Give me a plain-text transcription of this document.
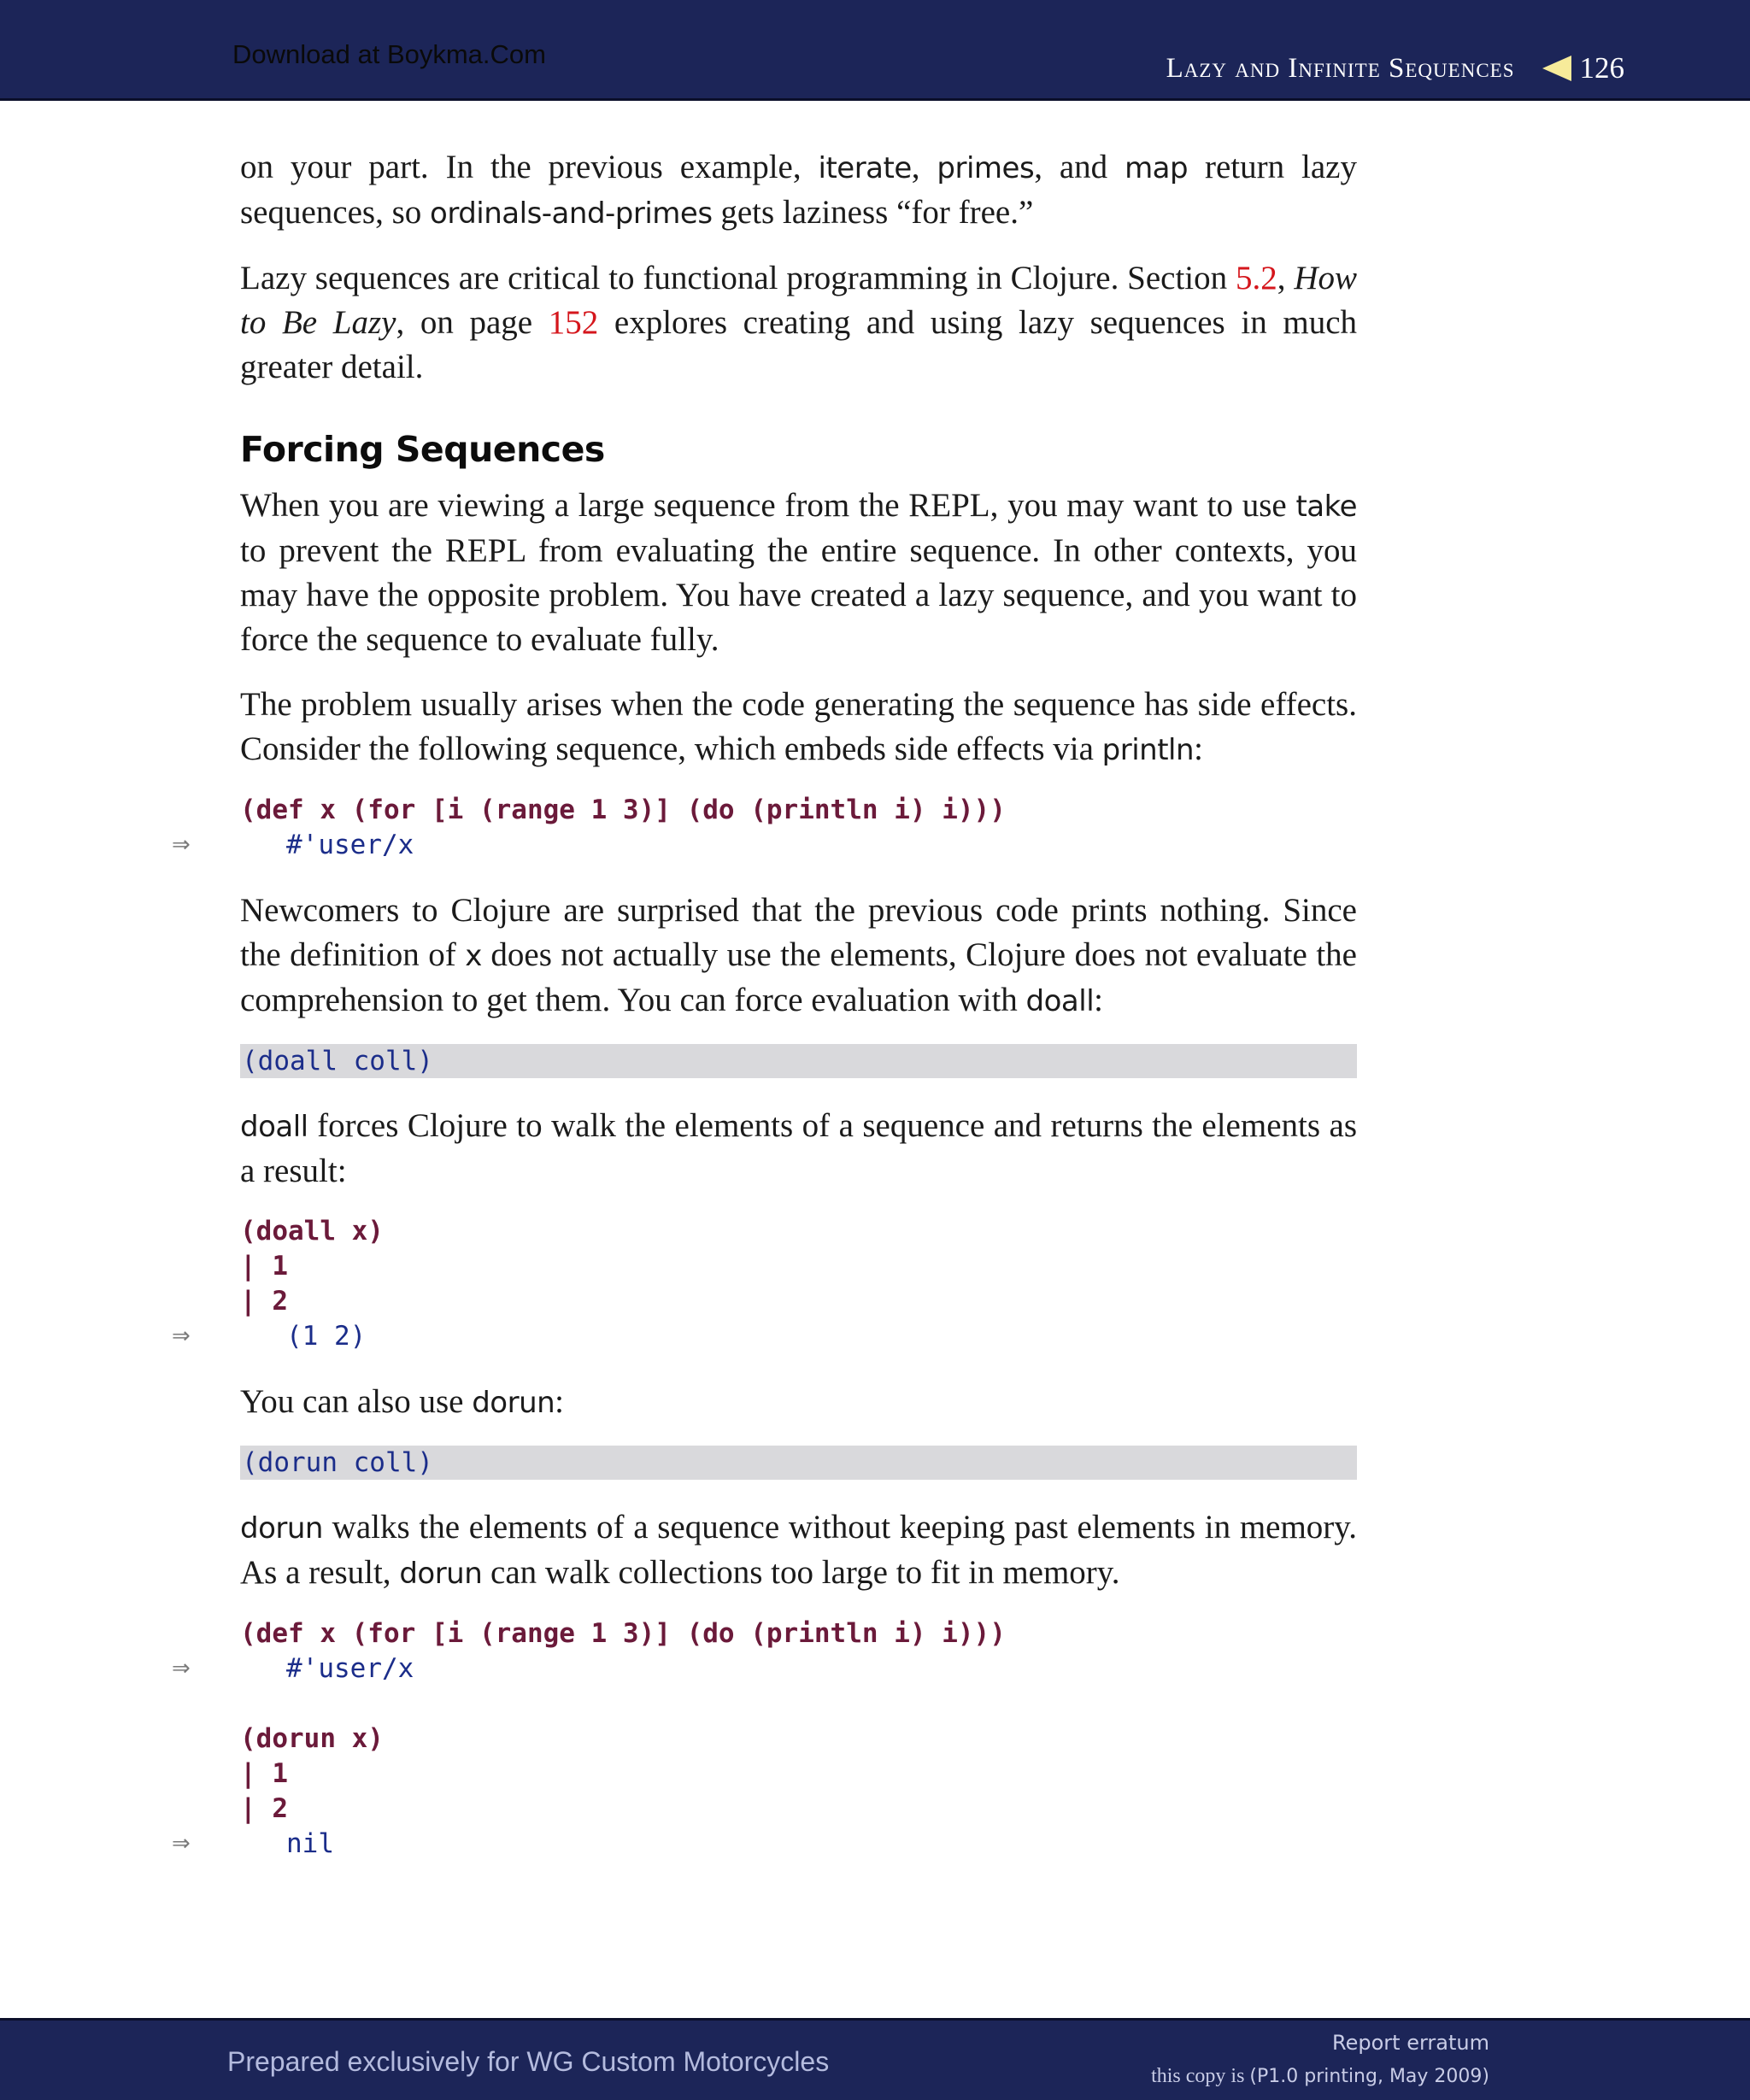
Download at Boykma.Com	Lazy and Infinite Sequences 126

on your part. In the previous example, iterate, primes, and map return lazy sequences, so ordinals-and-primes gets laziness “for free.”

Lazy sequences are critical to functional programming in Clojure. Section 5.2, How to Be Lazy, on page 152 explores creating and using lazy sequences in much greater detail.

Forcing Sequences

When you are viewing a large sequence from the REPL, you may want to use take to prevent the REPL from evaluating the entire sequence. In other contexts, you may have the opposite problem. You have created a lazy sequence, and you want to force the sequence to evaluate fully.

The problem usually arises when the code generating the sequence has side effects. Consider the following sequence, which embeds side effects via println:

(def x (for [i (range 1 3)] (do (println i) i)))
⇒	#'user/x

Newcomers to Clojure are surprised that the previous code prints nothing. Since the definition of x does not actually use the elements, Clojure does not evaluate the comprehension to get them. You can force evaluation with doall:

(doall coll)

doall forces Clojure to walk the elements of a sequence and returns the elements as a result:

(doall x)
| 1
| 2
⇒	(1 2)

You can also use dorun:

(dorun coll)

dorun walks the elements of a sequence without keeping past elements in memory. As a result, dorun can walk collections too large to fit in memory.

(def x (for [i (range 1 3)] (do (println i) i)))
⇒	#'user/x
(dorun x)
| 1
| 2
⇒	nil
Prepared exclusively for WG Custom Motorcycles
Report erratum
this copy is (P1.0 printing, May 2009)
